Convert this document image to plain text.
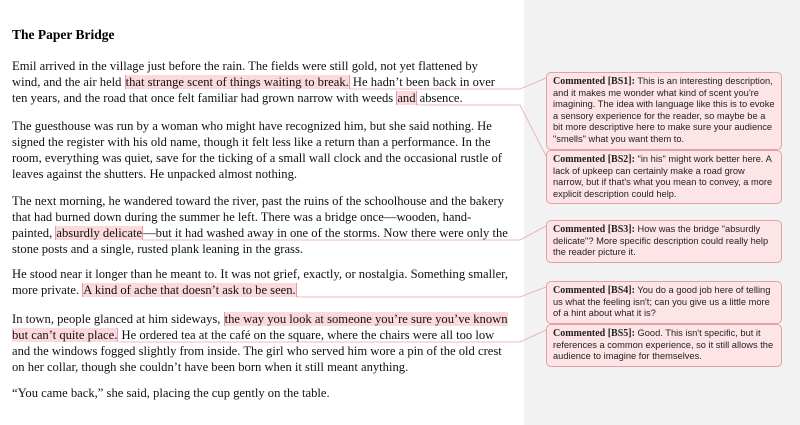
The Paper Bridge
Emil arrived in the village just before the rain. The fields were still gold, not yet flattened by wind, and the air held that strange scent of things waiting to break. He hadn’t been back in over ten years, and the road that once felt familiar had grown narrow with weeds and absence.
The guesthouse was run by a woman who might have recognized him, but she said nothing. He signed the register with his old name, though it felt less like a return than a performance. In the room, everything was quiet, save for the ticking of a small wall clock and the occasional rustle of leaves against the shutters. He unpacked almost nothing.
The next morning, he wandered toward the river, past the ruins of the schoolhouse and the bakery that had burned down during the summer he left. There was a bridge once—wooden, hand-painted, absurdly delicate—but it had washed away in one of the storms. Now there were only the stone posts and a single, rusted plank leaning in the grass.
He stood near it longer than he meant to. It was not grief, exactly, or nostalgia. Something smaller, more private. A kind of ache that doesn’t ask to be seen.
In town, people glanced at him sideways, the way you look at someone you’re sure you’ve known but can’t quite place. He ordered tea at the café on the square, where the chairs were all too low and the windows fogged slightly from inside. The girl who served him wore a pin of the old crest on her collar, though she couldn’t have been born when it still meant anything.
“You came back,” she said, placing the cup gently on the table.
Commented [BS1]: This is an interesting description, and it makes me wonder what kind of scent you're imagining. The idea with language like this is to evoke a sensory experience for the reader, so maybe be a bit more descriptive here to make sure your audience "smells" what you want them to.
Commented [BS2]: "in his" might work better here. A lack of upkeep can certainly make a road grow narrow, but if that's what you mean to convey, a more explicit description could help.
Commented [BS3]: How was the bridge "absurdly delicate"? More specific description could really help the reader picture it.
Commented [BS4]: You do a good job here of telling us what the feeling isn't; can you give us a little more of a hint about what it is?
Commented [BS5]: Good. This isn't specific, but it references a common experience, so it still allows the audience to imagine for themselves.
